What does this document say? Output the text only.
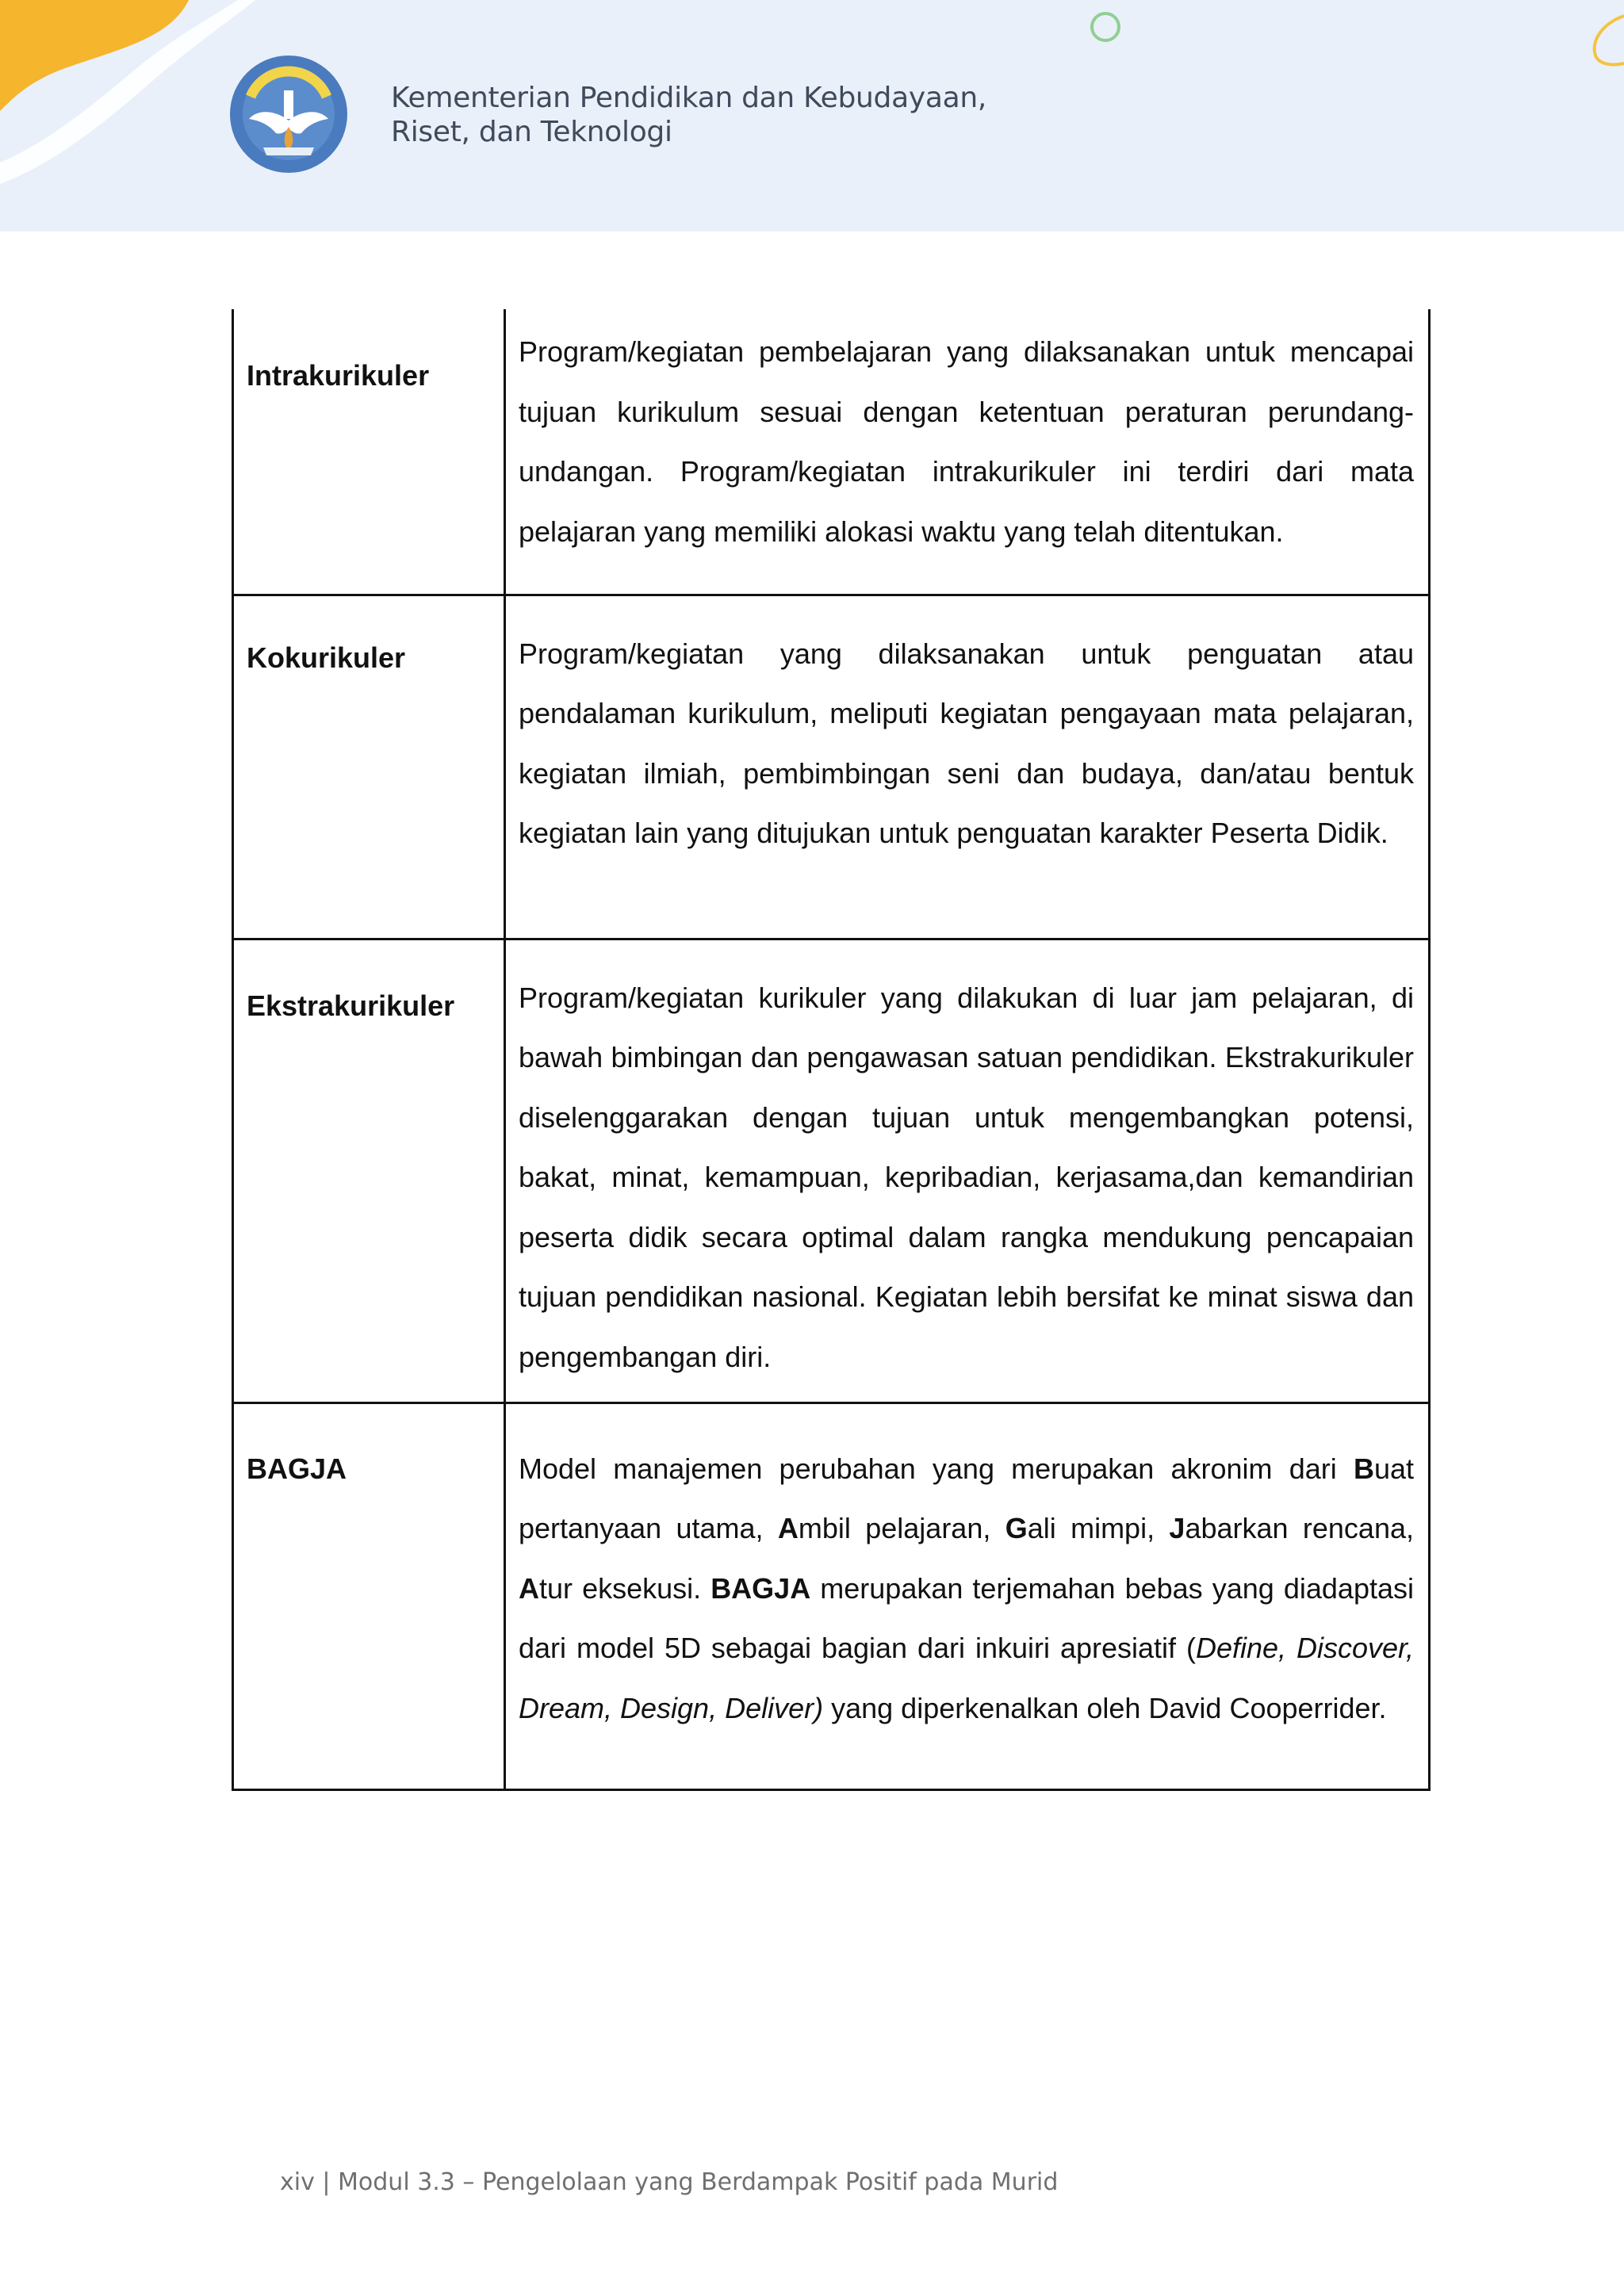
Kementerian Pendidikan dan Kebudayaan,
Riset, dan Teknologi
Intrakurikuler	Program/kegiatan pembelajaran yang dilaksanakan untuk mencapai tujuan kurikulum sesuai dengan ketentuan peraturan perundang-undangan. Program/kegiatan intrakurikuler ini terdiri dari mata pelajaran yang memiliki alokasi waktu yang telah ditentukan.

Kokurikuler	Program/kegiatan yang dilaksanakan untuk penguatan atau pendalaman kurikulum, meliputi kegiatan pengayaan mata pelajaran, kegiatan ilmiah, pembimbingan seni dan budaya, dan/atau bentuk kegiatan lain yang ditujukan untuk penguatan karakter Peserta Didik.

Ekstrakurikuler	Program/kegiatan kurikuler yang dilakukan di luar jam pelajaran, di bawah bimbingan dan pengawasan satuan pendidikan. Ekstrakurikuler diselenggarakan dengan tujuan untuk mengembangkan potensi, bakat, minat, kemampuan, kepribadian, kerjasama,dan kemandirian peserta didik secara optimal dalam rangka mendukung pencapaian tujuan pendidikan nasional. Kegiatan lebih bersifat ke minat siswa dan pengembangan diri.

BAGJA	Model manajemen perubahan yang merupakan akronim dari Buat pertanyaan utama, Ambil pelajaran, Gali mimpi, Jabarkan rencana, Atur eksekusi. BAGJA merupakan terjemahan bebas yang diadaptasi dari model 5D sebagai bagian dari inkuiri apresiatif (Define, Discover, Dream, Design, Deliver) yang diperkenalkan oleh David Cooperrider.
xiv | Modul 3.3 – Pengelolaan yang Berdampak Positif pada Murid
